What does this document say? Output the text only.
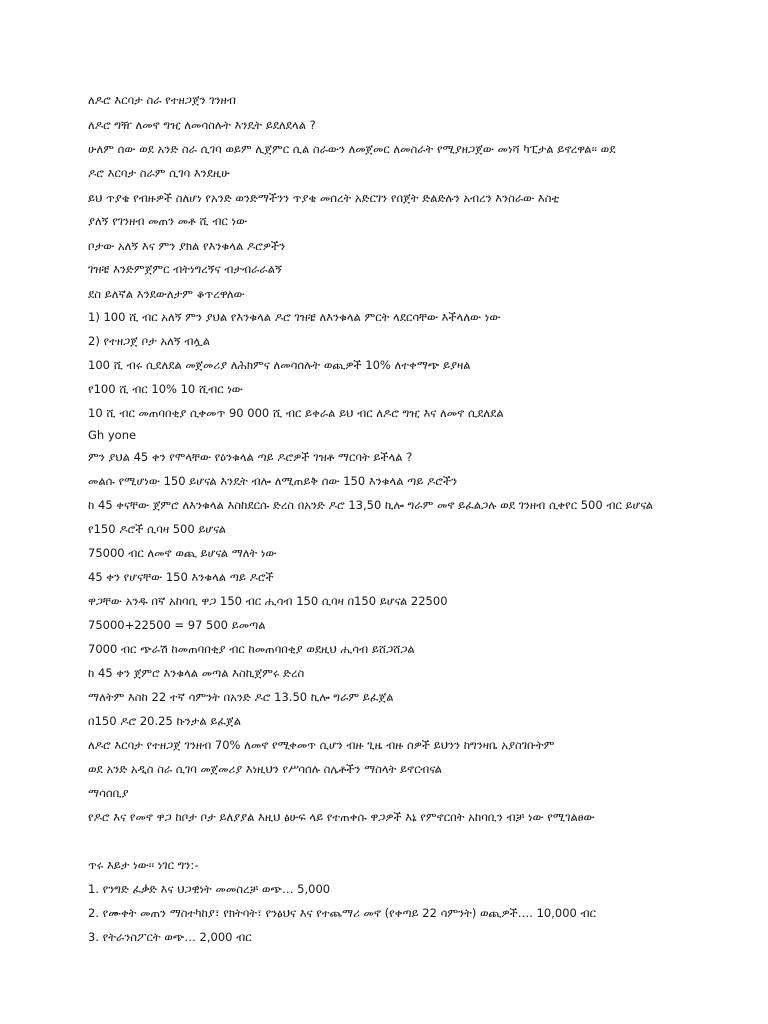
ለዶሮ እርባታ ስራ የተዘጋጀን ገንዘብ
ለዶሮ ግዥ ለመኖ ግዢ ለመሳስሉት እንዴት ይደለደላል ?
ሁለም ሰው ወደ አንድ ስራ ሲገባ ወይም ሊጀምር ሲል ስራውን ለመጀመር ለመስራት የሚያዘጋጀው መነሻ ካፒታል ይኖረዋል፡፡ ወደ
ዶሮ እርባታ ስራም ሲገባ እንደዚሁ
ይህ ጥያቄ የብዙዎች ስለሆነ የአንድ ወንድማችንን ጥያቄ መሰረት አድርገን የበጀት ድልድሉን አብረን እንስራው እስቲ
ያለኝ የገንዘብ መጠን መቶ ሺ ብር ነው
ቦታው አለኝ እና ምን ያክል የእንቁላል ዶሮዎችን
ገዝቼ እንድምጀምር ብትነግረኝና ብታብራራልኝ
ደስ ይለኛል እንደውለታም ቆጥረዋለው
1) 100 ሺ ብር አለኝ ምን ያህል የእንቁላል ዶሮ ገዝቼ ለእንቁላል ምርት ላደርሳቸው እችላለው ነው
2) የተዘጋጀ ቦታ አለኝ ብሏል
100 ሺ ብሩ ሲደለደል መጀመሪያ ለሕክምና ለመሳሰሉት ወጪዎች 10% ለተቀማጭ ይያዛል
የ100 ሺ ብር 10% 10 ሺብር ነው
10 ሺ ብር መጠባበቂያ ሲቀመጥ 90 000 ሺ ብር ይቀራል ይህ ብር ለዶሮ ግዢ እና ለመኖ ሲደለደል
Gh yone
ምን ያህል 45 ቀን የሞላቸው የዕንቁላል ጣይ ዶሮዎች ገዝቶ ማርባት ይችላል ?
መልሱ የሚሆነው 150 ይሆናል እንዴት ብሎ ለሚጠይቅ ሰው 150 እንቁላል ጣይ ዶሮችን
ከ 45 ቀናቸው ጀምሮ ለእንቁላል እስከደርሱ ድረስ በአንድ ዶሮ 13,50 ኪሎ ግራም መኖ ይፈልጋሉ ወደ ገንዘብ ሲቀየር 500 ብር ይሆናል
የ150 ዶሮች ሲባዛ 500 ይሆናል
75000 ብር ለመኖ ወጪ ይሆናል ማለት ነው
45 ቀን የሆናቸው 150 እንቁላል ጣይ ዶሮች
ዋጋቸው አንዱ በኛ አከባቢ ዋጋ 150 ብር ሒሳብ 150 ሲባዛ በ150 ይሆናል 22500
75000+22500 = 97 500 ይመጣል
7000 ብር ጭራሽ ከመጠባበቂያ ብር ከመጠባበቂያ ወደዚህ ሒሳብ ይሸጋሸጋል
ከ 45 ቀን ጀምሮ እንቁላል መጣል እስኪጀምሩ ድረስ
ማለትም እስከ 22 ተኛ ሳምንት በአንድ ዶሮ 13.50 ኪሎ ግራም ይፈጀል
በ150 ዶሮ 20.25 ኩንታል ይፈጀል
ለዶሮ እርባታ የተዘጋጀ ገንዘብ 70% ለመኖ የሚቀመጥ ሲሆን ብዙ ጊዜ ብዙ ሰዎች ይህንን ከግንዛቤ አያስገቡትም
ወደ አንድ አዲስ ስራ ሲገባ መጀመሪያ እነዚህን የሥሳሰሉ ስሌቶችን ማስላት ይኖርብናል
ማሳሰቢያ
የዶሮ እና የመኖ ዋጋ ከቦታ ቦታ ይለያያል እዚህ ፅሁፍ ላይ የተጠቀሱ ዋጋዎች እኔ የምኖርበት አከባቢን ብቻ ነው የሚገልፀው
ጥሩ እይታ ነው፡፡ ነገር ግን:-
1. የንግድ ፈቃድ እና ህጋዊነት መመስረቻ ወጭ… 5,000
2. የሙቀት መጠን ማስተካከያ፣ የክትባት፣ የንፅህና እና የተጨማሪ መኖ (የቀጣይ 22 ሳምንት) ወጪዎች…. 10,000 ብር
3. የትራንስፖርት ወጭ… 2,000 ብር
